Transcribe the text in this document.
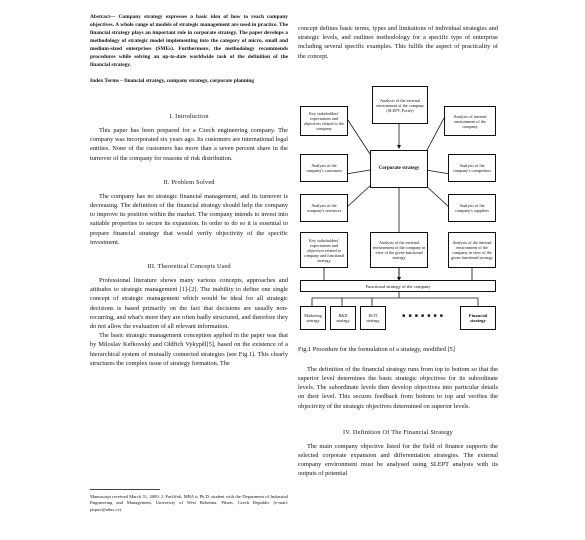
Abstract— Company strategy expresses a basic idea of how to reach company objectives. A whole range of models of strategic management are used in practice. The financial strategy plays an important role in corporate strategy. The paper develops a methodology of strategic model implementing into the category of micro, small and medium-sized enterprises (SMEs). Furthermore, the methodology recommends procedures while solving an up-to-date worldwide task of the definition of the financial strategy.

Index Terms – financial strategy, company strategy, corporate planning

I. Introduction

This paper has been prepared for a Czech engineering company. The company was incorporated six years ago. Its customers are international legal entities. None of the customers has more than a seven percent share in the turnover of the company for reasons of risk distribution.

II. Problem Solved

The company has no strategic financial management, and its turnover is decreasing. The definition of the financial strategy should help the company to improve its position within the market. The company intends to invest into suitable properties to secure its expansion. In order to do so it is essential to prepare financial strategy that would verify objectivity of the specific investment.

III. Theoretical Concepts Used

Professional literature shows many various concepts, approaches and attitudes to strategic management [1]-[2]. The inability to define one single concept of strategic management which would be ideal for all strategic decisions is based primarily on the fact that decisions are usually non-recurring, and what's more they are often badly structured, and therefore they do not allow the evaluation of all relevant information.

The basic strategic management conception applied in the paper was that by Miloslav Keřkovský and Oldřich Vykypěl[5], based on the existence of a hierarchical system of mutually connected strategies (see Fig.1). This clearly structures the complex issue of strategy formation. The

Manuscript received March 31, 2009. J. Pavlíček, MBA is Ph.D. student with the Department of Industrial Engineering and Management, University of West Bohemia, Pilsen, Czech Republic (e-mail: jarpav@atlas.cz).

concept defines basic terms, types and limitations of individual strategies and strategic levels, and outlines methodology for a specific type of enterprise including several specific examples. This fulfils the aspect of practicality of the concept.

Analysis of the external environment of the company (SLEPT, Porter)
Key stakeholders' expectations and objectives related to the company
Analysis of internal environment of the company
Corporate strategy
Analysis of the company's customers
Analysis of the company's competitors
Analysis of the company's resources
Analysis of the company's suppliers
Key stakeholders' expectations and objectives related to company and functional strategy
Analysis of the external environment of the company in view of the given functional strategy
Analysis of the internal environment of the company in view of the given functional strategy
Functional strategy of the company
Marketing strategy
R&D strategy
IS/IT strategy
■ ■ ■ ■ ■ ■ ■	Financial strategy

Fig.1 Procedure for the formulation of a strategy, modified [5]

The definition of the financial strategy runs from top to bottom so that the superior level determines the basic strategic objectives for its subordinate levels. The subordinate levels then develop objectives into particular details on their level. This secures feedback from bottom to top and verifies the objectivity of the strategic objectives determined on superior levels.

IV. Definition Of The Financial Strategy

The main company objective listed for the field of finance supports the selected corporate expansion and differentiation strategies. The external company environment must be analysed using SLEPT analysis with its outputs of potential
